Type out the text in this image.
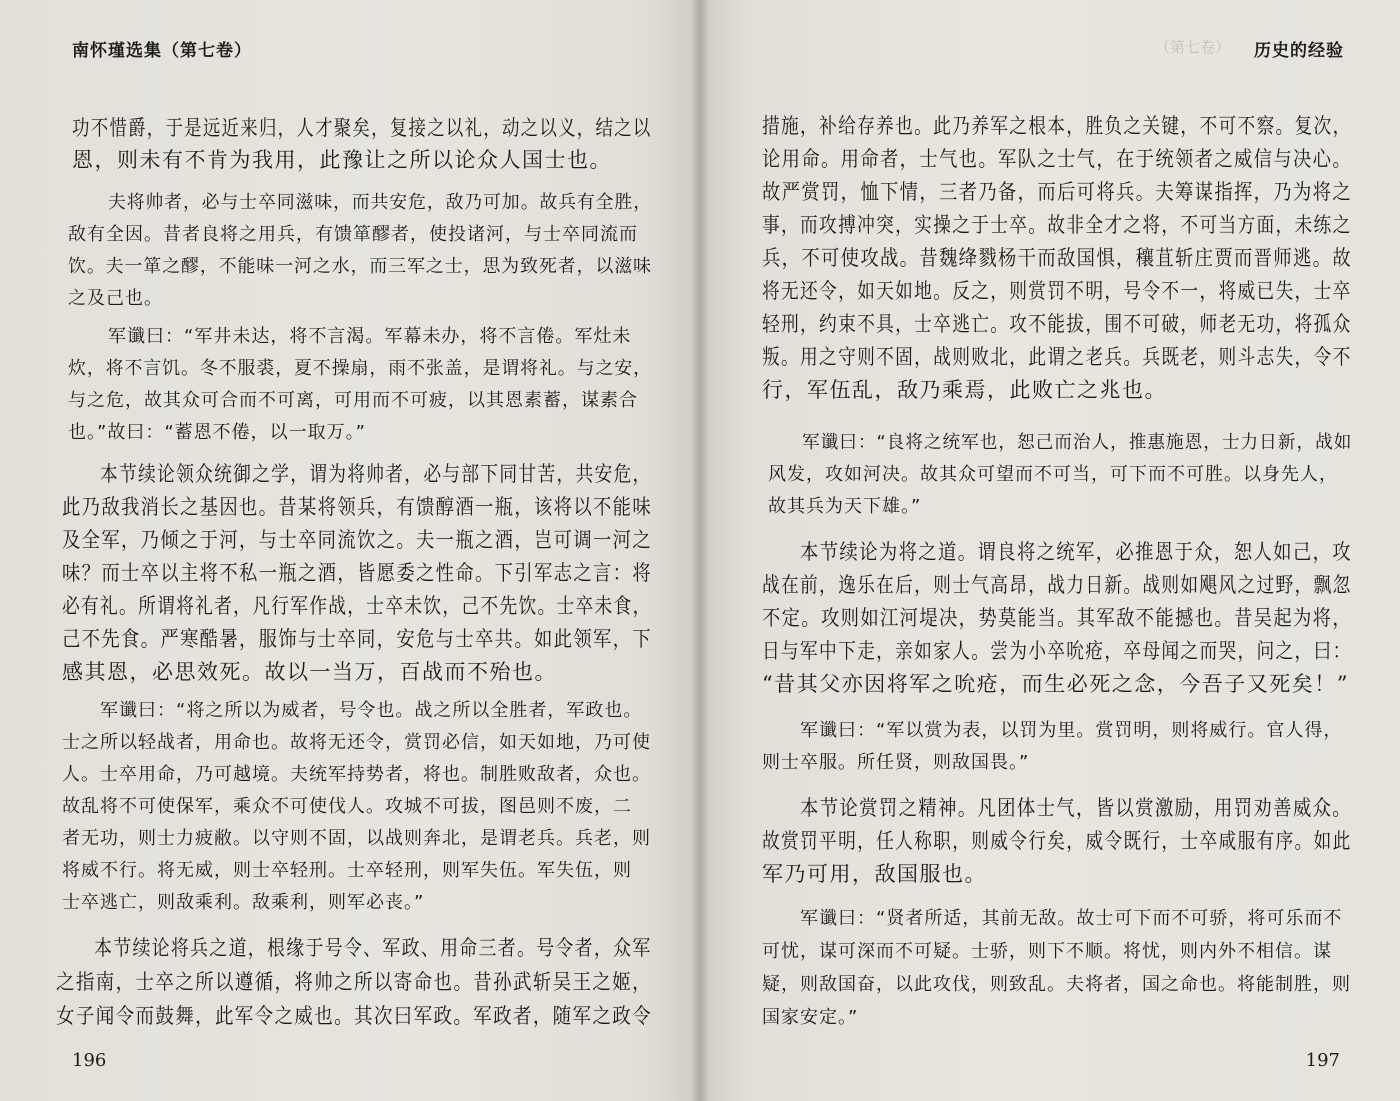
南怀瑾选集（第七卷）
功不惜爵，于是远近来归，人才聚矣，复接之以礼，动之以义，结之以
恩，则未有不肯为我用，此豫让之所以论众人国士也。
夫将帅者，必与士卒同滋味，而共安危，敌乃可加。故兵有全胜，
敌有全因。昔者良将之用兵，有馈箪醪者，使投诸河，与士卒同流而
饮。夫一箪之醪，不能味一河之水，而三军之士，思为致死者，以滋味
之及己也。
军谶曰：“军井未达，将不言渴。军幕未办，将不言倦。军灶未
炊，将不言饥。冬不服裘，夏不操扇，雨不张盖，是谓将礼。与之安，
与之危，故其众可合而不可离，可用而不可疲，以其恩素蓄，谋素合
也。”故曰：“蓄恩不倦，以一取万。”
本节续论领众统御之学，谓为将帅者，必与部下同甘苦，共安危，
此乃敌我消长之基因也。昔某将领兵，有馈醇酒一瓶，该将以不能味
及全军，乃倾之于河，与士卒同流饮之。夫一瓶之酒，岂可调一河之
味？而士卒以主将不私一瓶之酒，皆愿委之性命。下引军志之言：将
必有礼。所谓将礼者，凡行军作战，士卒未饮，己不先饮。士卒未食，
己不先食。严寒酷暑，服饰与士卒同，安危与士卒共。如此领军，下
感其恩，必思效死。故以一当万，百战而不殆也。
军谶曰：“将之所以为威者，号令也。战之所以全胜者，军政也。
士之所以轻战者，用命也。故将无还令，赏罚必信，如天如地，乃可使
人。士卒用命，乃可越境。夫统军持势者，将也。制胜败敌者，众也。
故乱将不可使保军，乘众不可使伐人。攻城不可拔，图邑则不废，二
者无功，则士力疲敝。以守则不固，以战则奔北，是谓老兵。兵老，则
将威不行。将无威，则士卒轻刑。士卒轻刑，则军失伍。军失伍，则
士卒逃亡，则敌乘利。敌乘利，则军必丧。”
本节续论将兵之道，根缘于号令、军政、用命三者。号令者，众军
之指南，士卒之所以遵循，将帅之所以寄命也。昔孙武斩吴王之姬，
女子闻令而鼓舞，此军令之威也。其次曰军政。军政者，随军之政令
196
（第七卷） 历史的经验
措施，补给存养也。此乃养军之根本，胜负之关键，不可不察。复次，
论用命。用命者，士气也。军队之士气，在于统领者之威信与决心。
故严赏罚，恤下情，三者乃备，而后可将兵。夫筹谋指挥，乃为将之
事，而攻搏冲突，实操之于士卒。故非全才之将，不可当方面，未练之
兵，不可使攻战。昔魏绛戮杨干而敌国惧，穰苴斩庄贾而晋师逃。故
将无还令，如天如地。反之，则赏罚不明，号令不一，将威已失，士卒
轻刑，约束不具，士卒逃亡。攻不能拔，围不可破，师老无功，将孤众
叛。用之守则不固，战则败北，此谓之老兵。兵既老，则斗志失，令不
行，军伍乱，敌乃乘焉，此败亡之兆也。
军谶曰：“良将之统军也，恕己而治人，推惠施恩，士力日新，战如
风发，攻如河决。故其众可望而不可当，可下而不可胜。以身先人，
故其兵为天下雄。”
本节续论为将之道。谓良将之统军，必推恩于众，恕人如己，攻
战在前，逸乐在后，则士气高昂，战力日新。战则如飓风之过野，飘忽
不定。攻则如江河堤决，势莫能当。其军敌不能撼也。昔吴起为将，
日与军中下走，亲如家人。尝为小卒吮疮，卒母闻之而哭，问之，曰：
“昔其父亦因将军之吮疮，而生必死之念，今吾子又死矣！”
军谶曰：“军以赏为表，以罚为里。赏罚明，则将威行。官人得，
则士卒服。所任贤，则敌国畏。”
本节论赏罚之精神。凡团体士气，皆以赏激励，用罚劝善威众。
故赏罚平明，任人称职，则威令行矣，威令既行，士卒咸服有序。如此
军乃可用，敌国服也。
军谶曰：“贤者所适，其前无敌。故士可下而不可骄，将可乐而不
可忧，谋可深而不可疑。士骄，则下不顺。将忧，则内外不相信。谋
疑，则敌国奋，以此攻伐，则致乱。夫将者，国之命也。将能制胜，则
国家安定。”
197
